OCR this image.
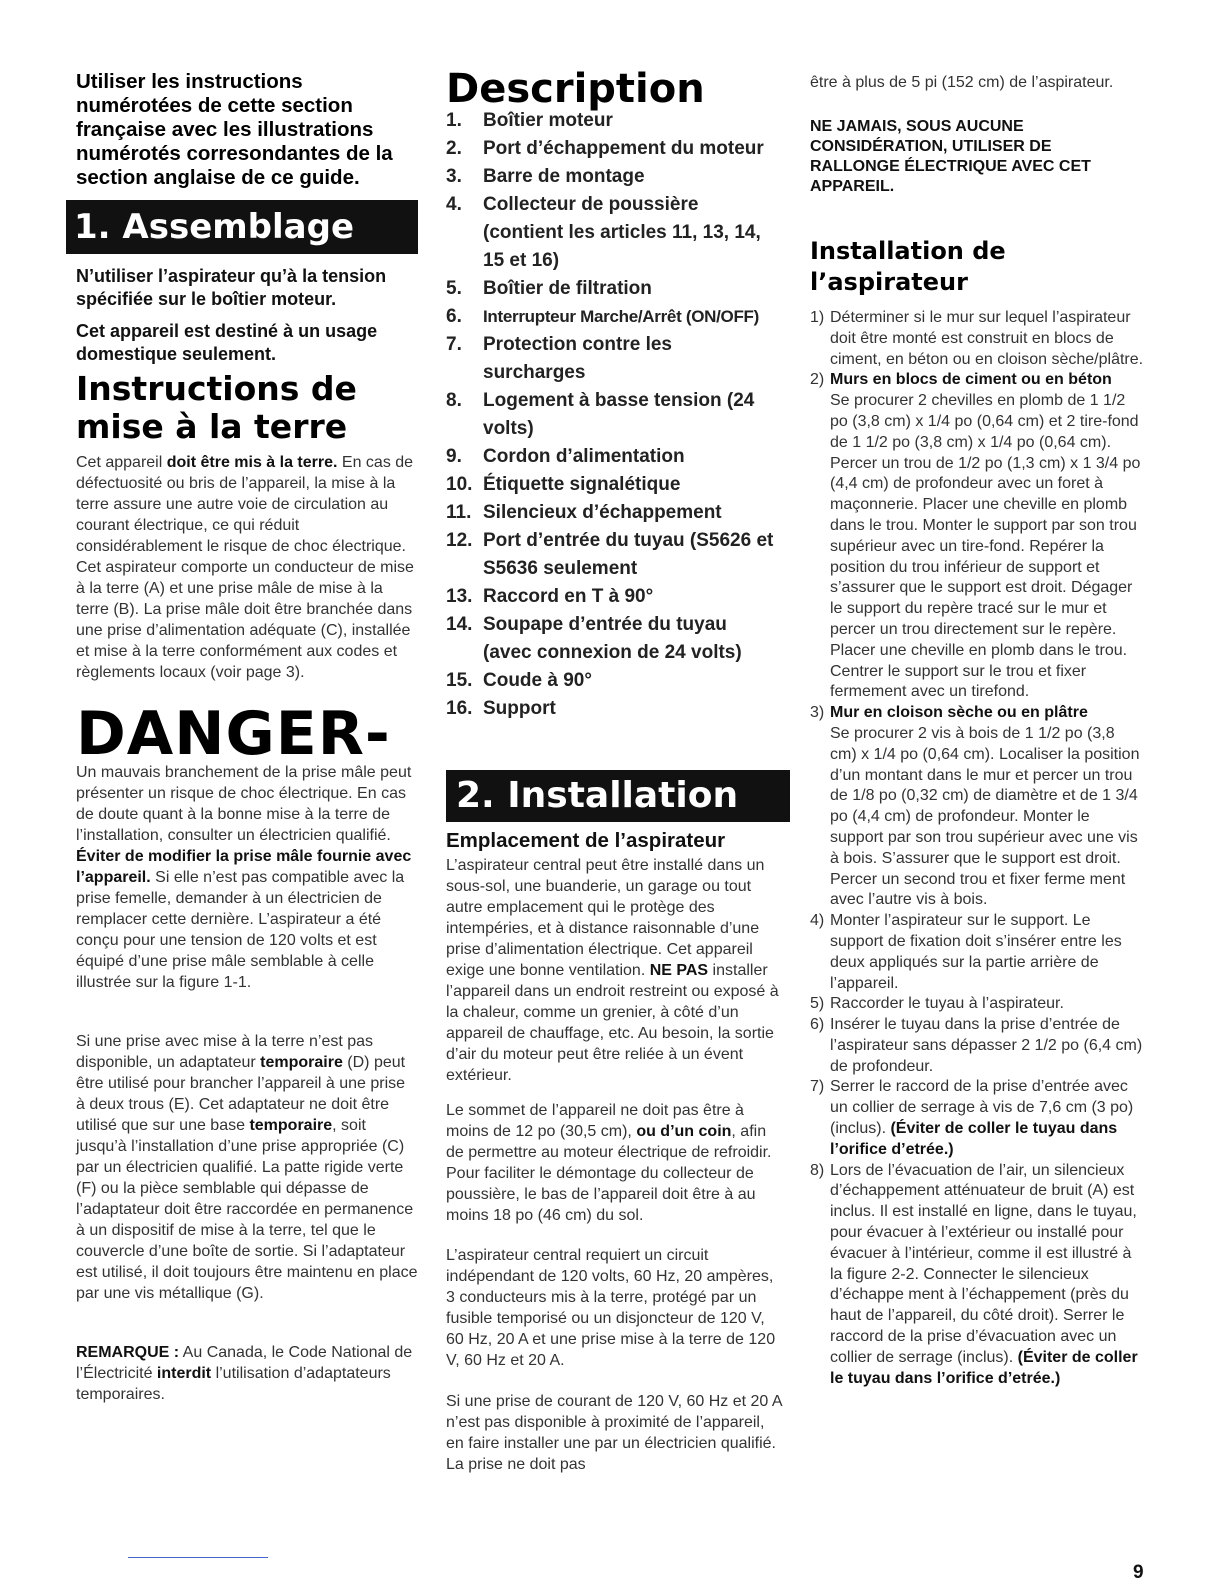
Utiliser les instructions numérotées de cette section française avec les illustrations numérotés corresondantes de la section anglaise de ce guide.

1. Assemblage

N’utiliser l’aspirateur qu’à la tension spécifiée sur le boîtier moteur.

Cet appareil est destiné à un usage domestique seulement.

Instructions de mise à la terre

Cet appareil doit être mis à la terre. En cas de défectuosité ou bris de l’appareil, la mise à la terre assure une autre voie de circulation au courant électrique, ce qui réduit considérablement le risque de choc électrique. Cet aspirateur comporte un conducteur de mise à la terre (A) et une prise mâle de mise à la terre (B). La prise mâle doit être branchée dans une prise d’alimentation adéquate (C), installée et mise à la terre conformément aux codes et règlements locaux (voir page 3).

DANGER-

Un mauvais branchement de la prise mâle peut présenter un risque de choc électrique. En cas de doute quant à la bonne mise à la terre de l’installation, consulter un électricien qualifié. Éviter de modifier la prise mâle fournie avec l’appareil. Si elle n’est pas compatible avec la prise femelle, demander à un électricien de remplacer cette dernière. L’aspirateur a été conçu pour une tension de 120 volts et est équipé d’une prise mâle semblable à celle illustrée sur la figure 1-1.

Si une prise avec mise à la terre n’est pas disponible, un adaptateur temporaire (D) peut être utilisé pour brancher l’appareil à une prise à deux trous (E). Cet adaptateur ne doit être utilisé que sur une base temporaire, soit jusqu’à l’installation d’une prise appropriée (C) par un électricien qualifié. La patte rigide verte (F) ou la pièce semblable qui dépasse de l’adaptateur doit être raccordée en permanence à un dispositif de mise à la terre, tel que le couvercle d’une boîte de sortie. Si l’adaptateur est utilisé, il doit toujours être maintenu en place par une vis métallique (G).

REMARQUE : Au Canada, le Code National de l’Électricité interdit l’utilisation d’adaptateurs temporaires.

Description
1. Boîtier moteur
2. Port d’échappement du moteur
3. Barre de montage
4. Collecteur de poussière (contient les articles 11, 13, 14, 15 et 16)
5. Boîtier de filtration
6. Interrupteur Marche/Arrêt (ON/OFF)
7. Protection contre les surcharges
8. Logement à basse tension (24 volts)
9. Cordon d’alimentation
10. Étiquette signalétique
11. Silencieux d’échappement
12. Port d’entrée du tuyau (S5626 et S5636 seulement
13. Raccord en T à 90°
14. Soupape d’entrée du tuyau (avec connexion de 24 volts)
15. Coude à 90°
16. Support
2. Installation
Emplacement de l’aspirateur

L’aspirateur central peut être installé dans un sous-sol, une buanderie, un garage ou tout autre emplacement qui le protège des intempéries, et à distance raisonnable d’une prise d’alimentation électrique. Cet appareil exige une bonne ventilation. NE PAS installer l’appareil dans un endroit restreint ou exposé à la chaleur, comme un grenier, à côté d’un appareil de chauffage, etc. Au besoin, la sortie d’air du moteur peut être reliée à un évent extérieur.

Le sommet de l’appareil ne doit pas être à moins de 12 po (30,5 cm), ou d’un coin, afin de permettre au moteur électrique de refroidir. Pour faciliter le démontage du collecteur de poussière, le bas de l’appareil doit être à au moins 18 po (46 cm) du sol.

L’aspirateur central requiert un circuit indépendant de 120 volts, 60 Hz, 20 ampères, 3 conducteurs mis à la terre, protégé par un fusible temporisé ou un disjoncteur de 120 V, 60 Hz, 20 A et une prise mise à la terre de 120 V, 60 Hz et 20 A.

Si une prise de courant de 120 V, 60 Hz et 20 A n’est pas disponible à proximité de l’appareil, en faire installer une par un électricien qualifié. La prise ne doit pas

être à plus de 5 pi (152 cm) de l’aspirateur.

NE JAMAIS, SOUS AUCUNE CONSIDÉRATION, UTILISER DE RALLONGE ÉLECTRIQUE AVEC CET APPAREIL.

Installation de l’aspirateur
1) Déterminer si le mur sur lequel l’aspirateur doit être monté est construit en blocs de ciment, en béton ou en cloison sèche/plâtre.
2) Murs en blocs de ciment ou en béton
Se procurer 2 chevilles en plomb de 1 1/2 po (3,8 cm) x 1/4 po (0,64 cm) et 2 tire-fond de 1 1/2 po (3,8 cm) x 1/4 po (0,64 cm). Percer un trou de 1/2 po (1,3 cm) x 1 3/4 po (4,4 cm) de profondeur avec un foret à maçonnerie. Placer une cheville en plomb dans le trou. Monter le support par son trou supérieur avec un tire-fond. Repérer la position du trou inférieur de support et s’assurer que le support est droit. Dégager le support du repère tracé sur le mur et percer un trou directement sur le repère. Placer une cheville en plomb dans le trou. Centrer le support sur le trou et fixer fermement avec un tirefond.
3) Mur en cloison sèche ou en plâtre
Se procurer 2 vis à bois de 1 1/2 po (3,8 cm) x 1/4 po (0,64 cm). Localiser la position d’un montant dans le mur et percer un trou de 1/8 po (0,32 cm) de diamètre et de 1 3/4 po (4,4 cm) de profondeur. Monter le support par son trou supérieur avec une vis à bois. S’assurer que le support est droit. Percer un second trou et fixer ferme ment avec l’autre vis à bois.
4) Monter l’aspirateur sur le support. Le support de fixation doit s’insérer entre les deux appliqués sur la partie arrière de l’appareil.
5) Raccorder le tuyau à l’aspirateur.
6) Insérer le tuyau dans la prise d’entrée de l’aspirateur sans dépasser 2 1/2 po (6,4 cm) de profondeur.
7) Serrer le raccord de la prise d’entrée avec un collier de serrage à vis de 7,6 cm (3 po) (inclus). (Éviter de coller le tuyau dans l’orifice d’etrée.)
8) Lors de l’évacuation de l’air, un silencieux d’échappement atténuateur de bruit (A) est inclus. Il est installé en ligne, dans le tuyau, pour évacuer à l’extérieur ou installé pour évacuer à l’intérieur, comme il est illustré à la figure 2-2. Connecter le silencieux d’échappe ment à l’échappement (près du haut de l’appareil, du côté droit). Serrer le raccord de la prise d’évacuation avec un collier de serrage (inclus). (Éviter de coller le tuyau dans l’orifice d’etrée.)
9
